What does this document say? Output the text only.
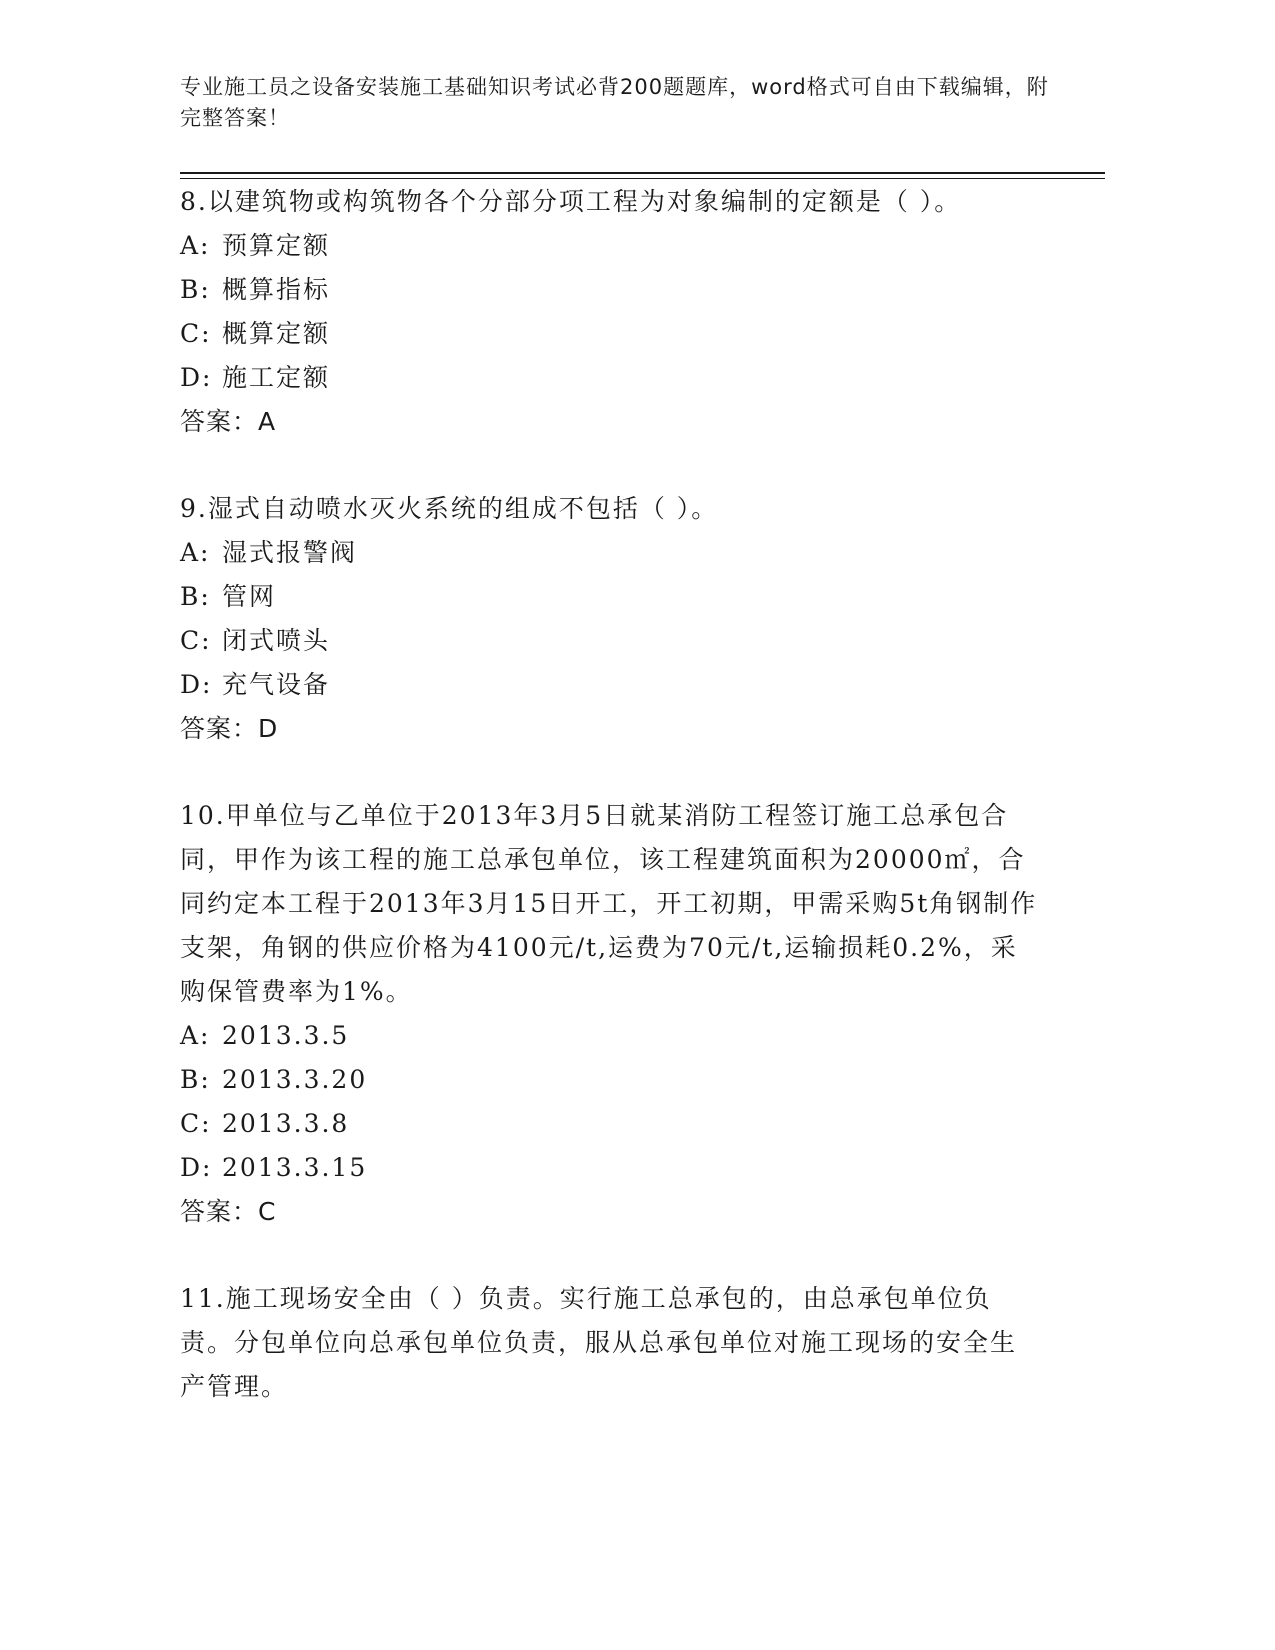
专业施工员之设备安装施工基础知识考试必背200题题库，word格式可自由下载编辑，附完整答案！
8.以建筑物或构筑物各个分部分项工程为对象编制的定额是（ ）。
A: 预算定额
B: 概算指标
C: 概算定额
D: 施工定额
答案：A
9.湿式自动喷水灭火系统的组成不包括（ ）。
A: 湿式报警阀
B: 管网
C: 闭式喷头
D: 充气设备
答案：D
10.甲单位与乙单位于2013年3月5日就某消防工程签订施工总承包合同，甲作为该工程的施工总承包单位，该工程建筑面积为20000㎡，合同约定本工程于2013年3月15日开工，开工初期，甲需采购5t角钢制作支架，角钢的供应价格为4100元/t,运费为70元/t,运输损耗0.2%，采购保管费率为1%。
A: 2013.3.5
B: 2013.3.20
C: 2013.3.8
D: 2013.3.15
答案：C
11.施工现场安全由（ ）负责。实行施工总承包的，由总承包单位负责。分包单位向总承包单位负责，服从总承包单位对施工现场的安全生产管理。
